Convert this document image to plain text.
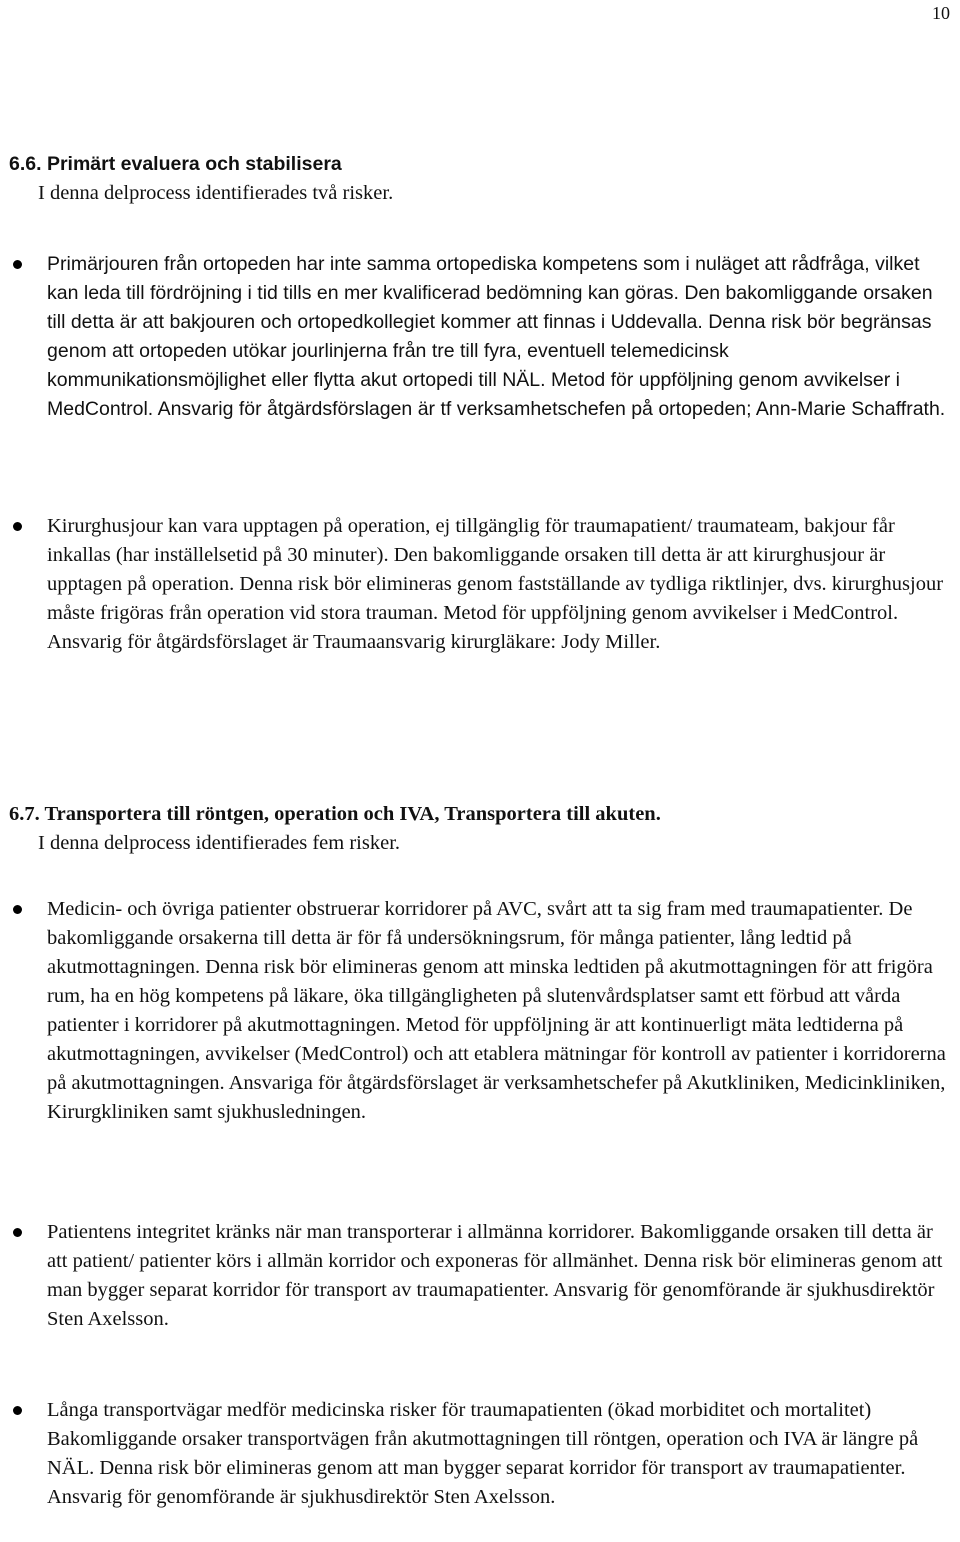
10

6.6. Primärt evaluera och stabilisera

I denna delprocess identifierades två risker.

Primärjouren från ortopeden har inte samma ortopediska kompetens som i nuläget att rådfråga, vilket kan leda till fördröjning i tid tills en mer kvalificerad bedömning kan göras. Den bakomliggande orsaken till detta är att bakjouren och ortopedkollegiet kommer att finnas i Uddevalla. Denna risk bör begränsas genom att ortopeden utökar jourlinjerna från tre till fyra, eventuell telemedicinsk kommunikationsmöjlighet eller flytta akut ortopedi till NÄL. Metod för uppföljning genom avvikelser i MedControl. Ansvarig för åtgärdsförslagen är tf verksamhetschefen på ortopeden; Ann-Marie Schaffrath.
Kirurghusjour kan vara upptagen på operation, ej tillgänglig för traumapatient/ traumateam, bakjour får inkallas (har inställelsetid på 30 minuter). Den bakomliggande orsaken till detta är att kirurghusjour är upptagen på operation. Denna risk bör elimineras genom fastställande av tydliga riktlinjer, dvs. kirurghusjour måste frigöras från operation vid stora trauman. Metod för uppföljning genom avvikelser i MedControl. Ansvarig för åtgärdsförslaget är Traumaansvarig kirurgläkare: Jody Miller.

6.7. Transportera till röntgen, operation och IVA, Transportera till akuten.

I denna delprocess identifierades fem risker.

Medicin- och övriga patienter obstruerar korridorer på AVC, svårt att ta sig fram med traumapatienter. De bakomliggande orsakerna till detta är för få undersökningsrum, för många patienter, lång ledtid på akutmottagningen. Denna risk bör elimineras genom att minska ledtiden på akutmottagningen för att frigöra rum, ha en hög kompetens på läkare, öka tillgängligheten på slutenvårdsplatser samt ett förbud att vårda patienter i korridorer på akutmottagningen. Metod för uppföljning är att kontinuerligt mäta ledtiderna på akutmottagningen, avvikelser (MedControl) och att etablera mätningar för kontroll av patienter i korridorerna på akutmottagningen. Ansvariga för åtgärdsförslaget är verksamhetschefer på Akutkliniken, Medicinkliniken, Kirurgkliniken samt sjukhusledningen.
Patientens integritet kränks när man transporterar i allmänna korridorer. Bakomliggande orsaken till detta är att patient/ patienter körs i allmän korridor och exponeras för allmänhet. Denna risk bör elimineras genom att man bygger separat korridor för transport av traumapatienter. Ansvarig för genomförande är sjukhusdirektör Sten Axelsson.
Långa transportvägar medför medicinska risker för traumapatienten (ökad morbiditet och mortalitet) Bakomliggande orsaker transportvägen från akutmottagningen till röntgen, operation och IVA är längre på NÄL. Denna risk bör elimineras genom att man bygger separat korridor för transport av traumapatienter. Ansvarig för genomförande är sjukhusdirektör Sten Axelsson.
